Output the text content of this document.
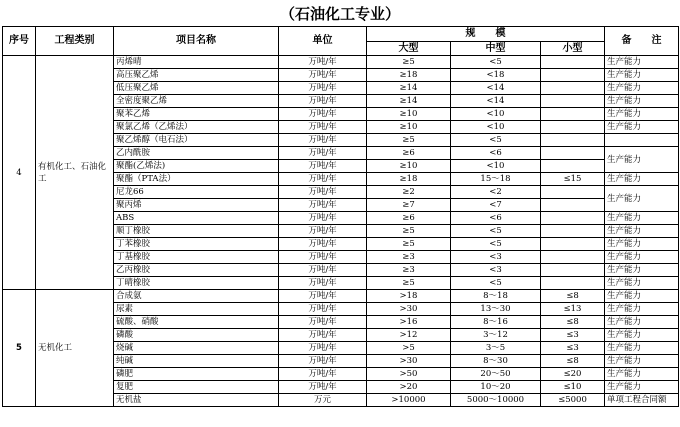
（石油化工专业）
序号	工程类别	项目名称	单位	规　　模			备　　注
				大型	中型	小型	
4	有机化工、石油化工	丙烯晴	万吨/年	≥5	<5		生产能力
		高压聚乙烯	万吨/年	≥18	<18		生产能力
		低压聚乙烯	万吨/年	≥14	<14		生产能力
		全密度聚乙烯	万吨/年	≥14	<14		生产能力
		聚苯乙烯	万吨/年	≥10	<10		生产能力
		聚氯乙烯（乙烯法）	万吨/年	≥10	<10		生产能力
		聚乙烯醇（电石法）	万吨/年	≥5	<5		
		乙内酰胺	万吨/年	≥6	<6		生产能力
		聚酯(乙烯法)	万吨/年	≥10	<10		
		聚酯（PTA法）	万吨/年	≥18	15～18	≤15	生产能力
		尼龙66	万吨/年	≥2	<2		生产能力
		聚丙烯	万吨/年	≥7	<7		
		ABS	万吨/年	≥6	<6		生产能力
		顺丁橡胶	万吨/年	≥5	<5		生产能力
		丁苯橡胶	万吨/年	≥5	<5		生产能力
		丁基橡胶	万吨/年	≥3	<3		生产能力
		乙丙橡胶	万吨/年	≥3	<3		生产能力
		丁晴橡胶	万吨/年	≥5	<5		生产能力
5	无机化工	合成氨	万吨/年	>18	8～18	≤8	生产能力
		尿素	万吨/年	>30	13～30	≤13	生产能力
		硫酸、硝酸	万吨/年	>16	8～16	≤8	生产能力
		磷酸	万吨/年	>12	3～12	≤3	生产能力
		烧碱	万吨/年	>5	3～5	≤3	生产能力
		纯碱	万吨/年	>30	8～30	≤8	生产能力
		磷肥	万吨/年	>50	20～50	≤20	生产能力
		复肥	万吨/年	>20	10～20	≤10	生产能力
		无机盐	万元	>10000	5000～10000	≤5000	单项工程合同额
